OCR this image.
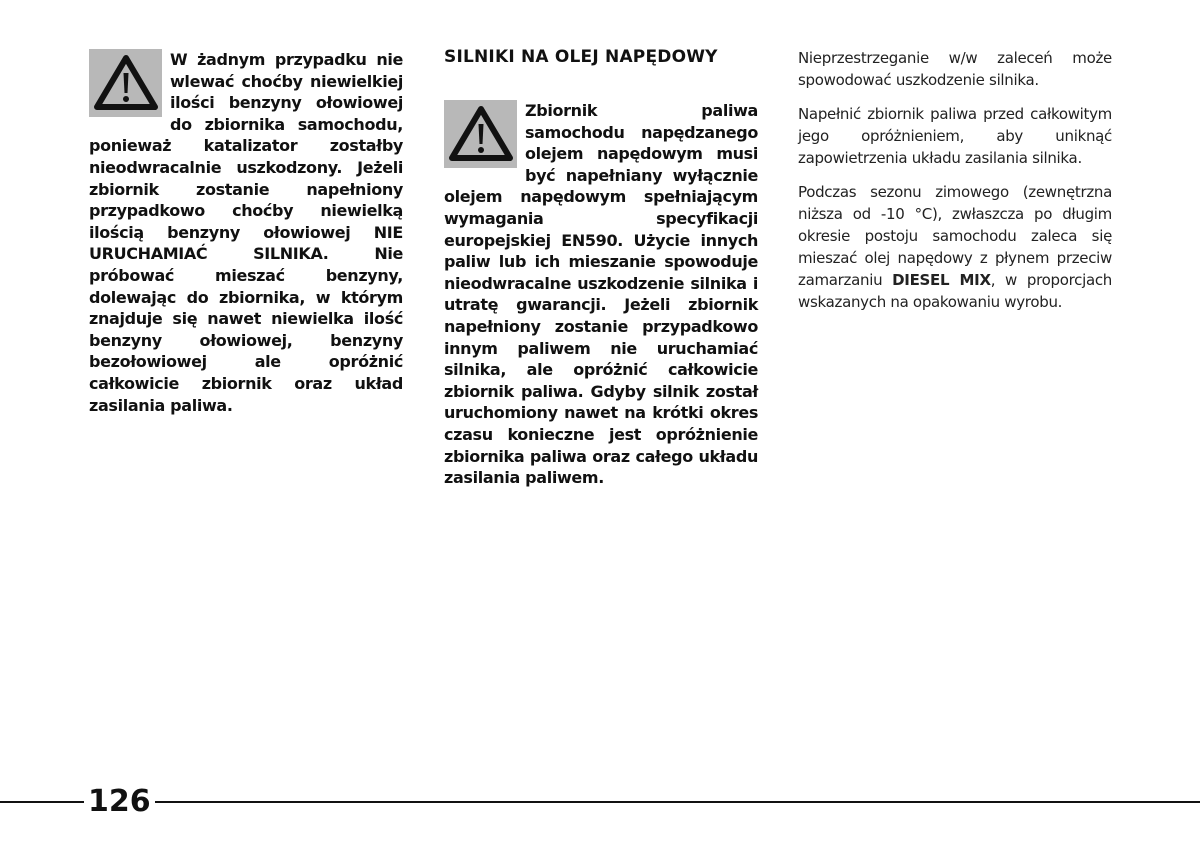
W żadnym przypadku nie wlewać choćby niewielkiej ilości benzyny ołowiowej do zbiornika samochodu, ponieważ katalizator zostałby nieodwracalnie uszkodzony. Jeżeli zbiornik zostanie napełniony przypadkowo choćby niewielką ilością benzyny ołowiowej NIE URUCHAMIAĆ SILNIKA. Nie próbować mieszać benzyny, dolewając do zbiornika, w którym znajduje się nawet niewielka ilość benzyny ołowiowej, benzyny bezołowiowej ale opróżnić całkowicie zbiornik oraz układ zasilania paliwa.

SILNIKI NA OLEJ NAPĘDOWY

Zbiornik paliwa samochodu napędzanego olejem napędowym musi być napełniany wyłącznie olejem napędowym spełniającym wymagania specyfikacji europejskiej EN590. Użycie innych paliw lub ich mieszanie spowoduje nieodwracalne uszkodzenie silnika i utratę gwarancji. Jeżeli zbiornik napełniony zostanie przypadkowo innym paliwem nie uruchamiać silnika, ale opróżnić całkowicie zbiornik paliwa. Gdyby silnik został uruchomiony nawet na krótki okres czasu konieczne jest opróżnienie zbiornika paliwa oraz całego układu zasilania paliwem.

Nieprzestrzeganie w/w zaleceń może spowodować uszkodzenie silnika.

Napełnić zbiornik paliwa przed całkowitym jego opróżnieniem, aby uniknąć zapowietrzenia układu zasilania silnika.

Podczas sezonu zimowego (zewnętrzna niższa od -10 °C), zwłaszcza po długim okresie postoju samochodu zaleca się mieszać olej napędowy z płynem przeciw zamarzaniu DIESEL MIX, w proporcjach wskazanych na opakowaniu wyrobu.

126
